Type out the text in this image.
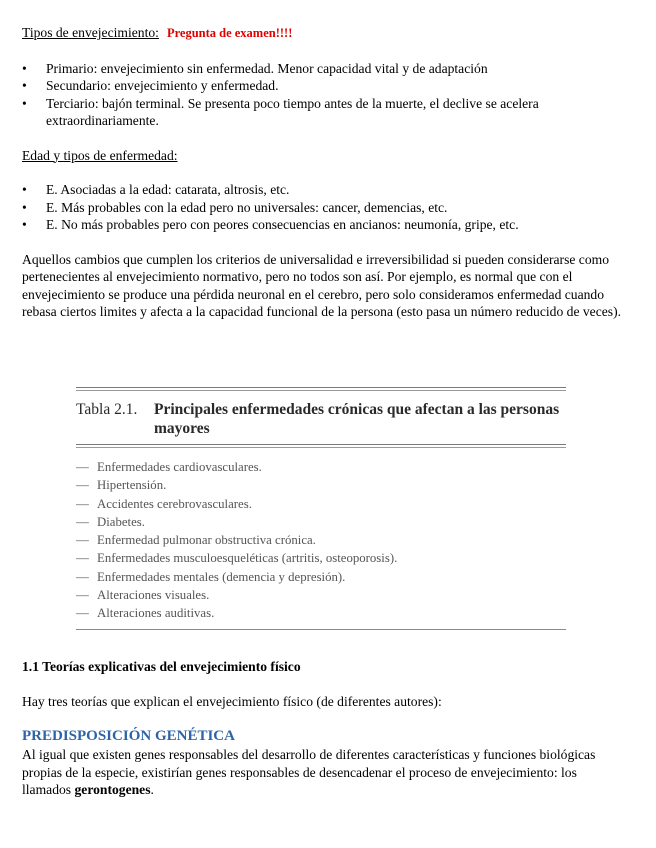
Tipos de envejecimiento: Pregunta de examen!!!!

• Primario: envejecimiento sin enfermedad. Menor capacidad vital y de adaptación
• Secundario: envejecimiento y enfermedad.
• Terciario: bajón terminal. Se presenta poco tiempo antes de la muerte, el declive se acelera extraordinariamente.

Edad y tipos de enfermedad:

• E. Asociadas a la edad: catarata, altrosis, etc.
• E. Más probables con la edad pero no universales: cancer, demencias, etc.
• E. No más probables pero con peores consecuencias en ancianos: neumonía, gripe, etc.

Aquellos cambios que cumplen los criterios de universalidad e irreversibilidad si pueden considerarse como pertenecientes al envejecimiento normativo, pero no todos son así. Por ejemplo, es normal que con el envejecimiento se produce una pérdida neuronal en el cerebro, pero solo consideramos enfermedad cuando rebasa ciertos limites y afecta a la capacidad funcional de la persona (esto pasa un número reducido de veces).

Tabla 2.1.	Principales enfermedades crónicas que afectan a las personas mayores
— Enfermedades cardiovasculares.
— Hipertensión.
— Accidentes cerebrovasculares.
— Diabetes.
— Enfermedad pulmonar obstructiva crónica.
— Enfermedades musculoesqueléticas (artritis, osteoporosis).
— Enfermedades mentales (demencia y depresión).
— Alteraciones visuales.
— Alteraciones auditivas.

1.1 Teorías explicativas del envejecimiento físico

Hay tres teorías que explican el envejecimiento físico (de diferentes autores):

PREDISPOSICIÓN GENÉTICA

Al igual que existen genes responsables del desarrollo de diferentes características y funciones biológicas propias de la especie, existirían genes responsables de desencadenar el proceso de envejecimiento: los llamados gerontogenes.
